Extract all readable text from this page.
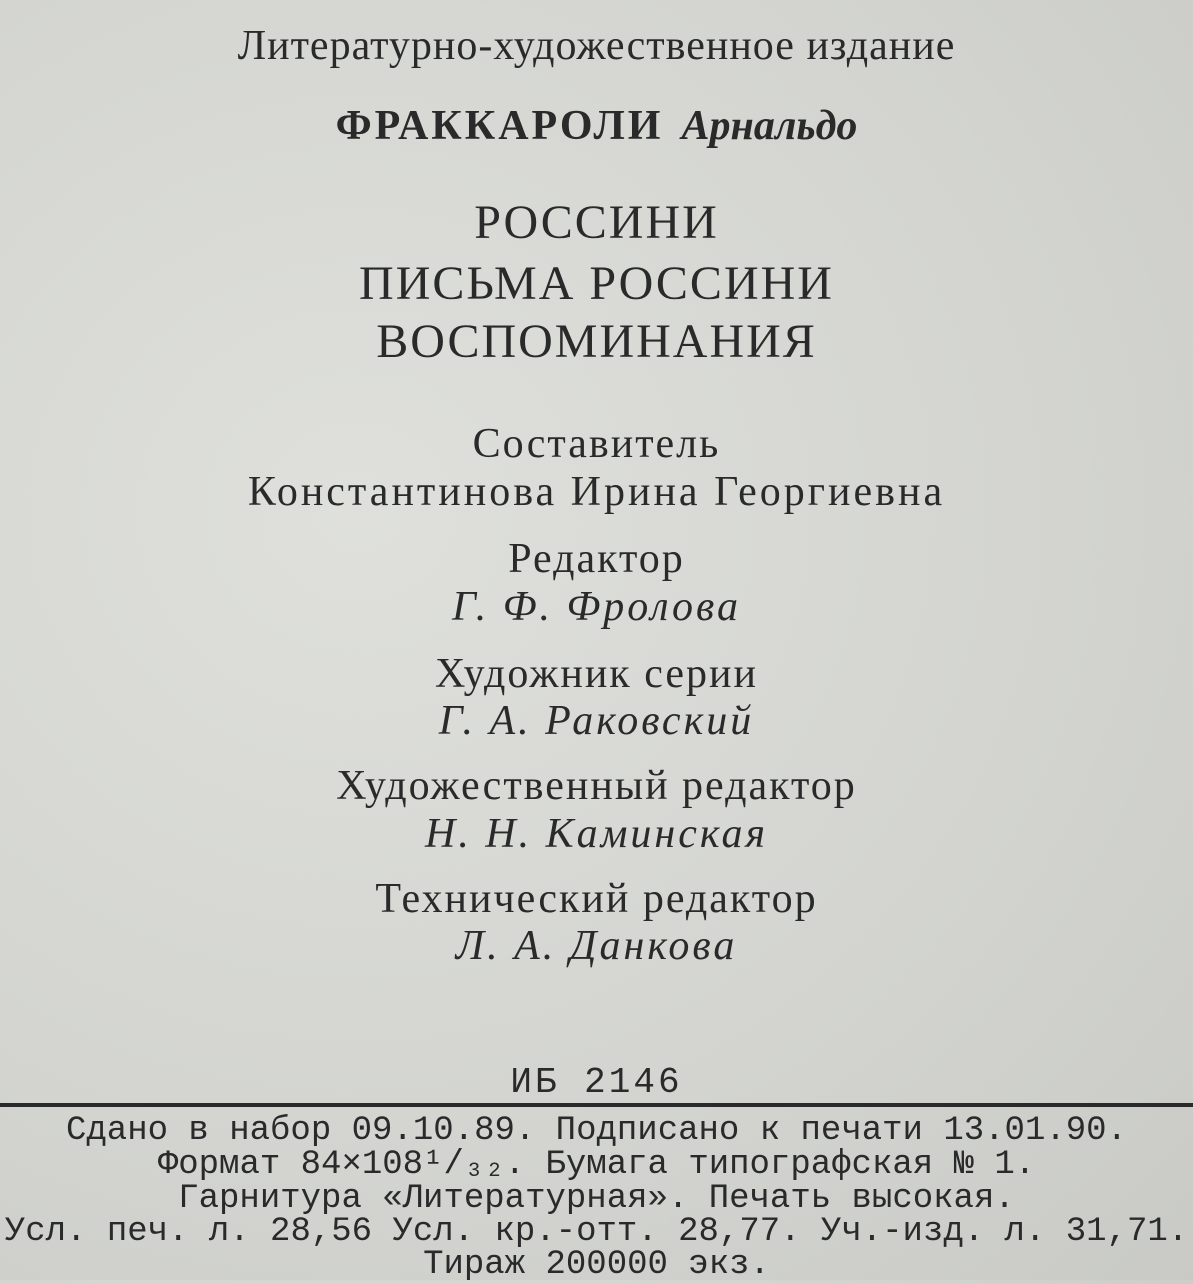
Литературно-художественное издание
ФРАККАРОЛИ Арнальдо
РОССИНИ
ПИСЬМА РОССИНИ
ВОСПОМИНАНИЯ
Составитель
Константинова Ирина Георгиевна
Редактор
Г. Ф. Фролова
Художник серии
Г. А. Раковский
Художественный редактор
Н. Н. Каминская
Технический редактор
Л. А. Данкова
ИБ 2146
Сдано в набор 09.10.89. Подписано к печати 13.01.90.
Формат 84×108¹/₃₂. Бумага типографская № 1.
Гарнитура «Литературная». Печать высокая.
Усл. печ. л. 28,56 Усл. кр.-отт. 28,77. Уч.-изд. л. 31,71.
Тираж 200000 экз.
